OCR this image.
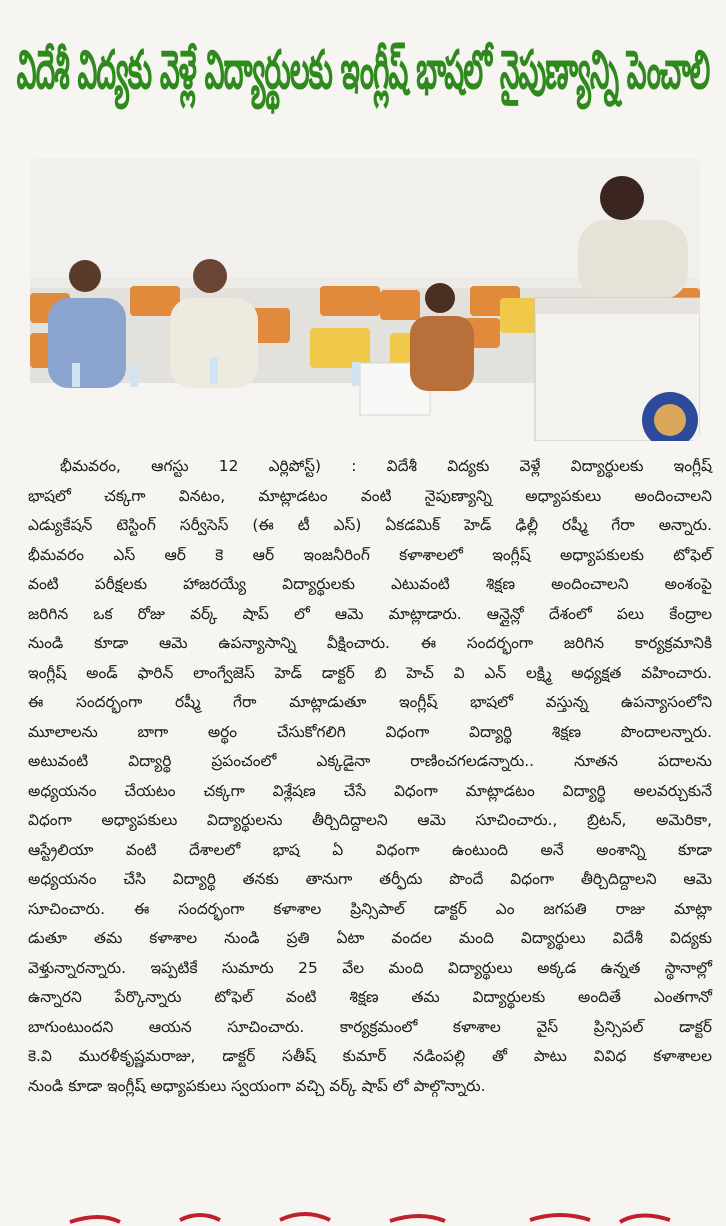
విదేశీ విద్యకు వెళ్లే విద్యార్థులకు ఇంగ్లీష్ భాషలో నైపుణ్యాన్ని పెంచాలి
భీమవరం, ఆగస్టు 12 ఎర్లిపోస్ట్) : విదేశీ విద్యకు వెళ్లే విద్యార్థులకు ఇంగ్లీష్
భాషలో చక్కగా వినటం, మాట్లాడటం వంటి నైపుణ్యాన్ని అధ్యాపకులు అందించాలని
ఎడ్యుకేషన్ టెస్టింగ్ సర్వీసెస్ (ఈ టీ ఎస్) ఏకడమిక్ హెడ్ ఢిల్లీ రష్మీ గేరా అన్నారు.
భీమవరం ఎస్ ఆర్ కె ఆర్ ఇంజనీరింగ్ కళాశాలలో ఇంగ్లీష్ అధ్యాపకులకు టోఫెల్
వంటి పరీక్షలకు హాజరయ్యే విద్యార్థులకు ఎటువంటి శిక్షణ అందించాలని అంశంపై
జరిగిన ఒక రోజు వర్క్ షాప్ లో ఆమె మాట్లాడారు. ఆన్లైన్లో దేశంలో పలు కేంద్రాల
నుండి కూడా ఆమె ఉపన్యాసాన్ని వీక్షించారు. ఈ సందర్భంగా జరిగిన కార్యక్రమానికి
ఇంగ్లీష్ అండ్ ఫారిన్ లాంగ్వేజెస్ హెడ్ డాక్టర్ బి హెచ్ వి ఎన్ లక్ష్మి అధ్యక్షత వహించారు.
ఈ సందర్భంగా రష్మీ గేరా మాట్లాడుతూ ఇంగ్లీష్ భాషలో వస్తున్న ఉపన్యాసంలోని
మూలాలను బాగా అర్థం చేసుకోగలిగి విధంగా విద్యార్థి శిక్షణ పొందాలన్నారు.
అటువంటి విద్యార్థి ప్రపంచంలో ఎక్కడైనా రాణించగలడన్నారు.. నూతన పదాలను
అధ్యయనం చేయటం చక్కగా విశ్లేషణ చేసే విధంగా మాట్లాడటం విద్యార్థి అలవర్చుకునే
విధంగా అధ్యాపకులు విద్యార్థులను తీర్చిదిద్దాలని ఆమె సూచించారు., బ్రిటన్, అమెరికా,
ఆస్ట్రేలియా వంటి దేశాలలో భాష ఏ విధంగా ఉంటుంది అనే అంశాన్ని కూడా
అధ్యయనం చేసి విద్యార్థి తనకు తానుగా తర్ఫీదు పొందే విధంగా తీర్చిదిద్దాలని ఆమె
సూచించారు. ఈ సందర్భంగా కళాశాల ప్రిన్సిపాల్ డాక్టర్ ఎం జగపతి రాజు మాట్లా
డుతూ తమ కళాశాల నుండి ప్రతి ఏటా వందల మంది విద్యార్థులు విదేశీ విద్యకు
వెళ్తున్నారన్నారు. ఇప్పటికే సుమారు 25 వేల మంది విద్యార్థులు అక్కడ ఉన్నత స్థానాల్లో
ఉన్నారని పేర్కొన్నారు టోఫెల్ వంటి శిక్షణ తమ విద్యార్థులకు అందితే ఎంతగానో
బాగుంటుందని ఆయన సూచించారు. కార్యక్రమంలో కళాశాల వైస్ ప్రిన్సిపల్ డాక్టర్
కె.వి మురళీకృష్ణమరాజు, డాక్టర్ సతీష్ కుమార్ నడింపల్లి తో పాటు వివిధ కళాశాలల
నుండి కూడా ఇంగ్లీష్ అధ్యాపకులు స్వయంగా వచ్చి వర్క్ షాప్ లో పాల్గొన్నారు.
